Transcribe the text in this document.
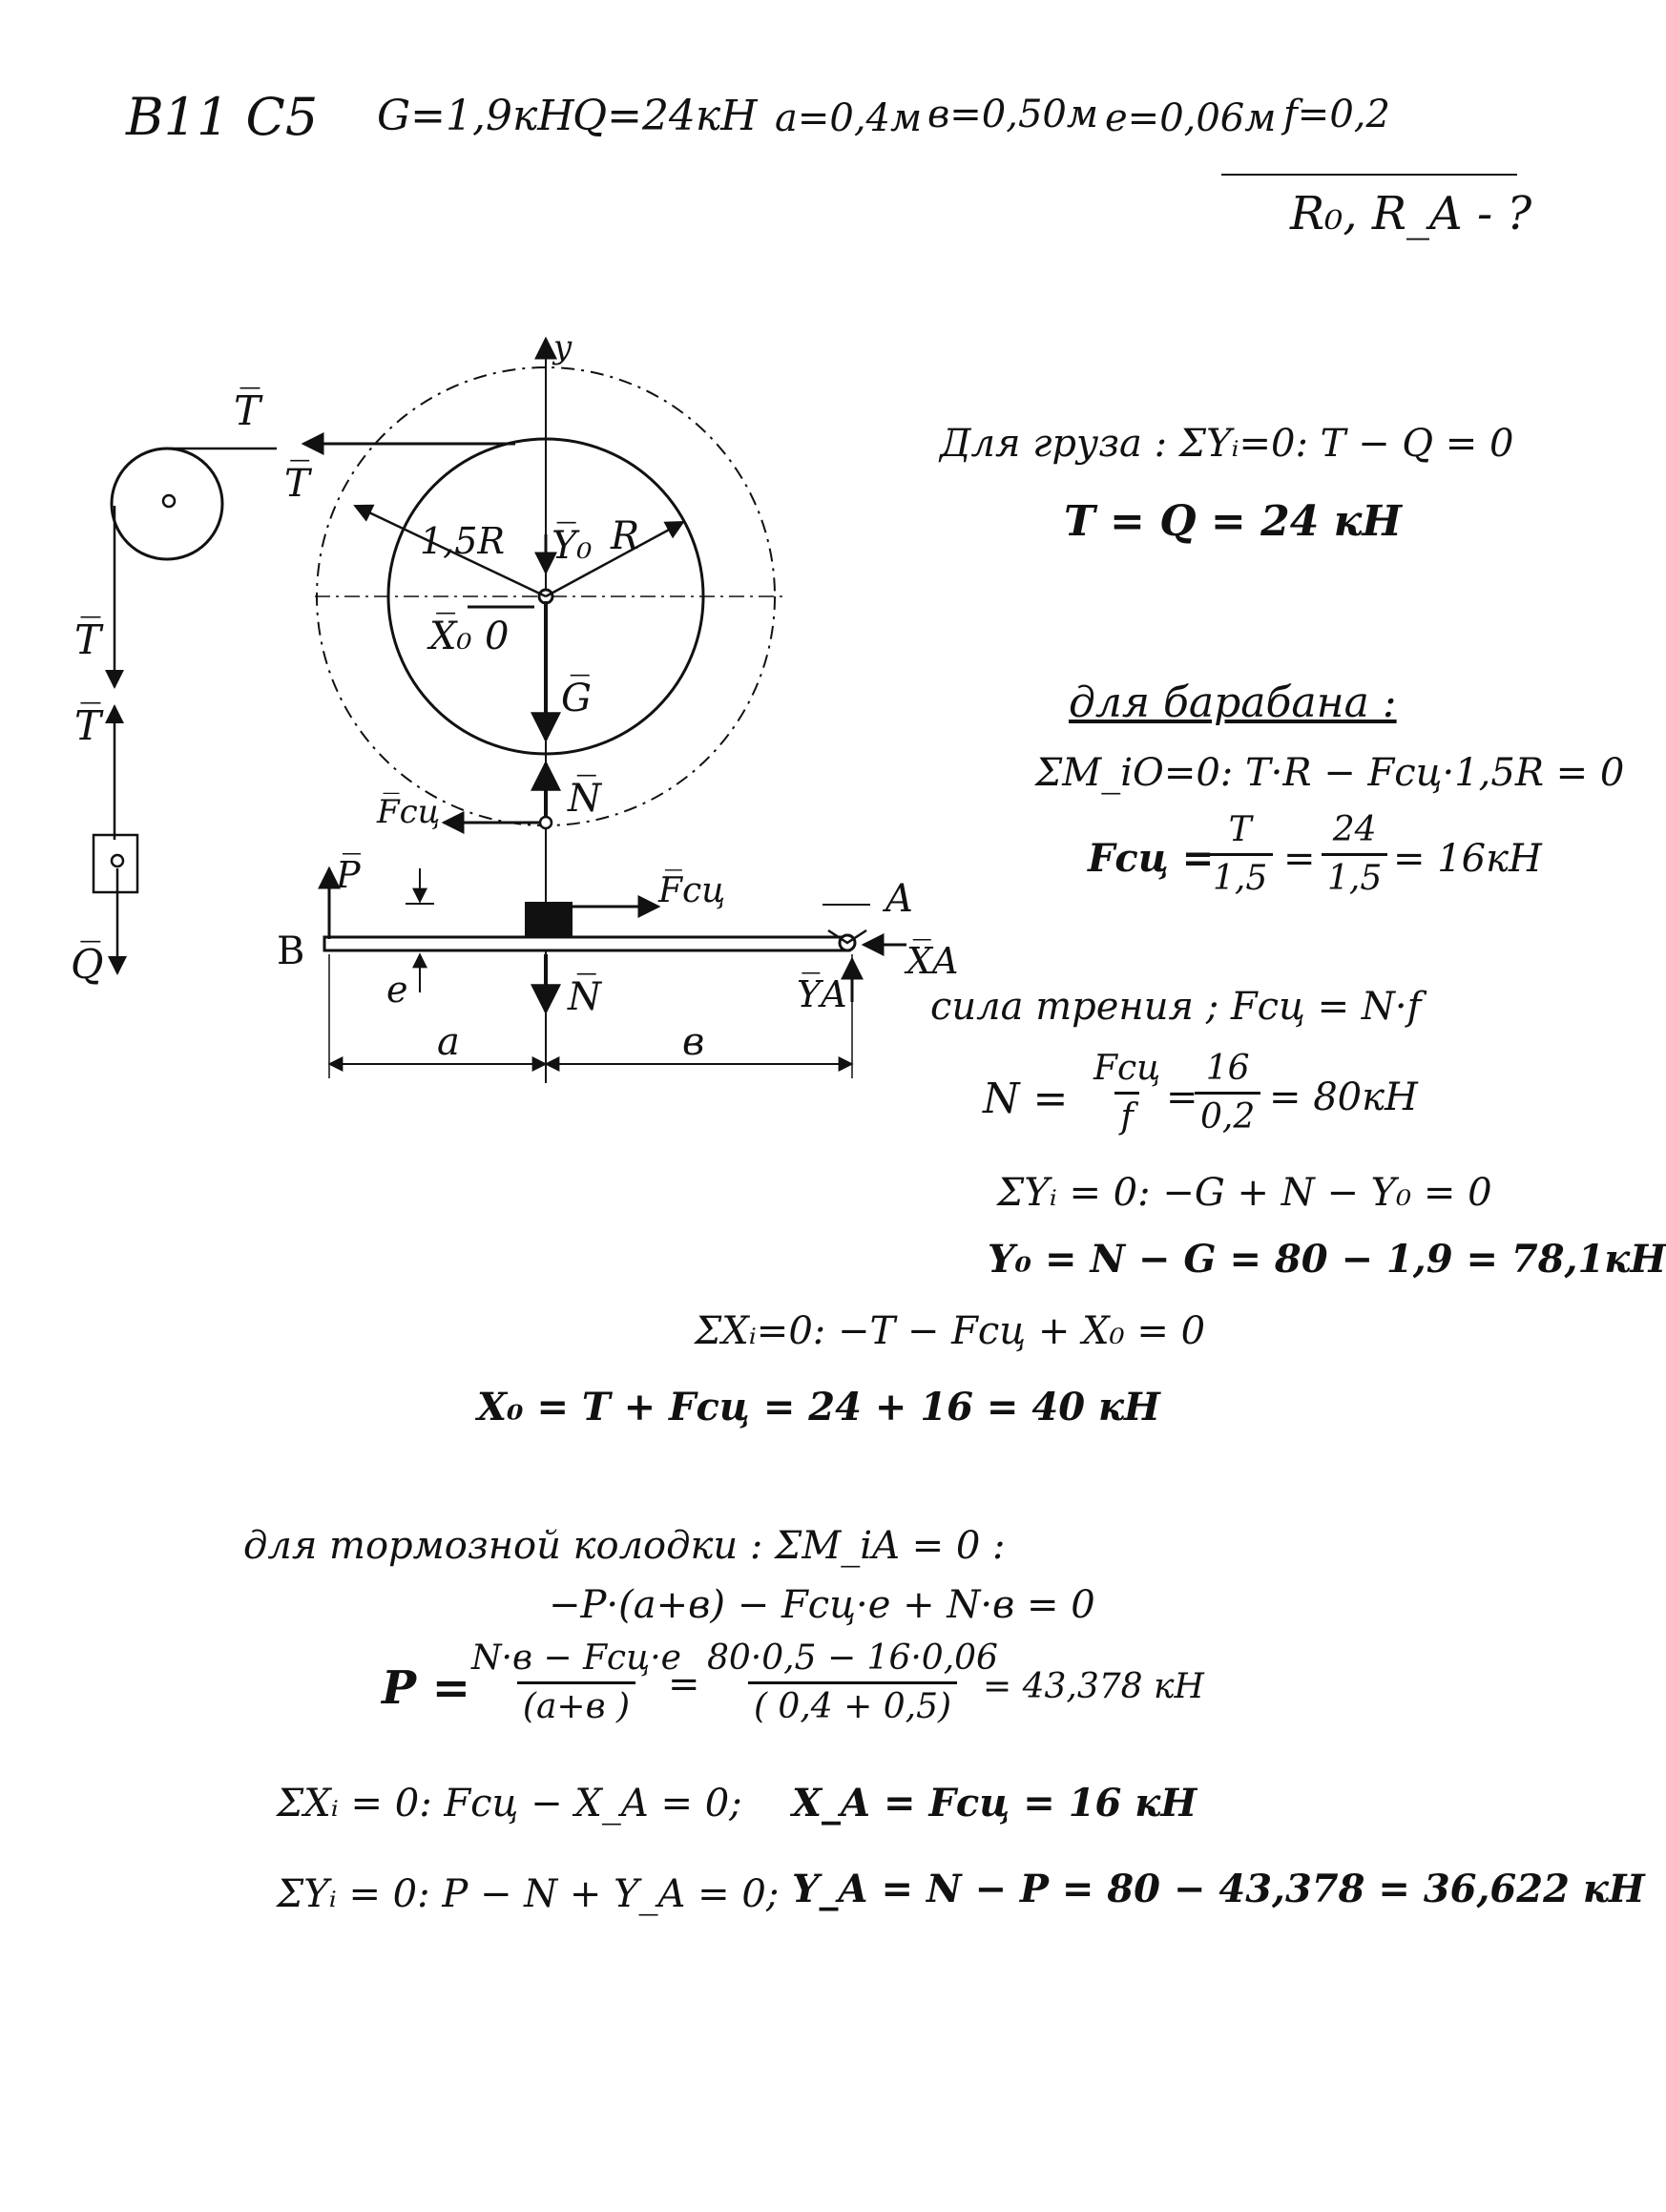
В11 С5 G=1,9кН
Q=24кН a=0,4м в=0,50м e=0,06м f=0,2
R₀, R_A - ?
y
T̅
T̅
T̅
T̅
Q̅
1,5R	R
Y̅₀
X̅₀ 0
G̅
N̅
F̅сц
P̅	F̅сц	A
X̅A
B
e	N̅	Y̅A
a	в
Для груза : ΣYᵢ=0: T − Q = 0
T = Q = 24 кН
для барабана :
ΣM_iO=0: T·R − Fсц·1,5R = 0
Fсц =
$\frac{T}{1,5} = \frac{24}{1,5} = 16кН$
сила трения ; Fсц = N·f
N =
Fсц
f =
$\frac{16}{0,2} = 80кН$
ΣYᵢ = 0: −G + N − Y₀ = 0
Y₀ = N − G = 80 − 1,9 = 78,1кН
ΣXᵢ=0: −T − Fсц + X₀ = 0
X₀ = T + Fсц = 24 + 16 = 40 кН
для тормозной колодки : ΣM_iA = 0 :
−P·(a+в) − Fсц·e + N·в = 0
P =
N·в − Fсц·e
(a+в )
= $\frac{80\cdot 0,5 - 16\cdot 0,06}{( 0,4 + 0,5)}$
= 43,378 кН
ΣXᵢ = 0: Fсц − X_A = 0; X_A = Fсц = 16 кН
ΣYᵢ = 0: P − N + Y_A = 0; Y_A = N − P = 80 − 43,378 = 36,622 кН
